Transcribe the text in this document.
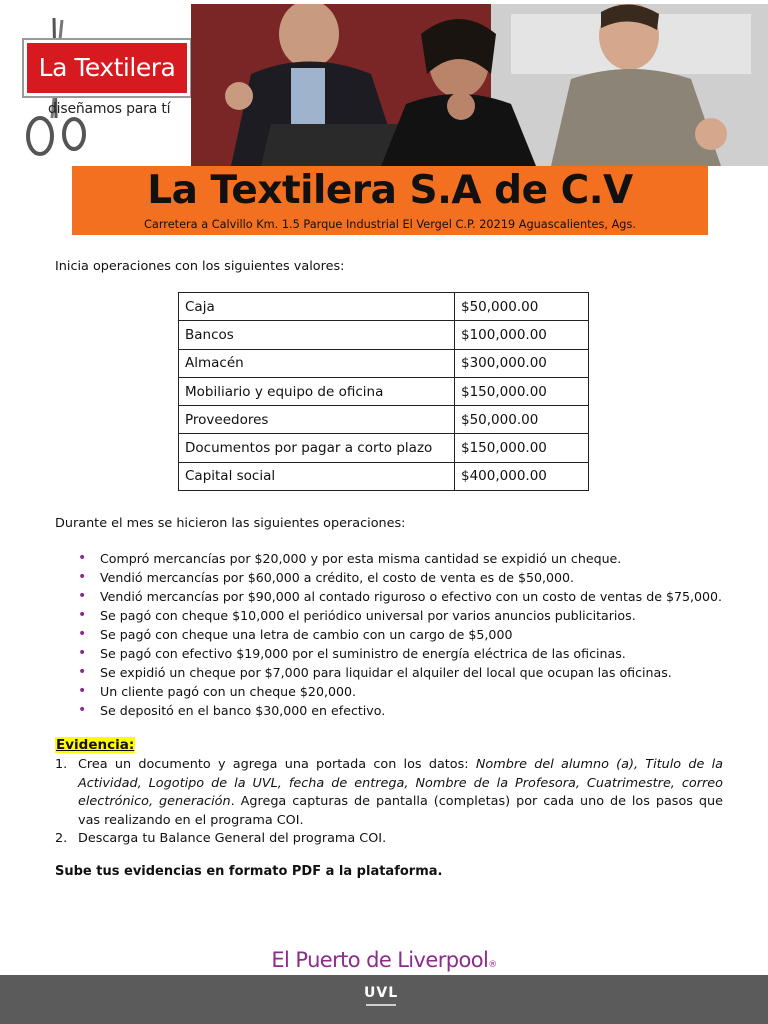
La Textilera
diseñamos para tí
La Textilera S.A de C.V
Carretera a Calvillo Km. 1.5 Parque Industrial El Vergel C.P. 20219 Aguascalientes, Ags.
Inicia operaciones con los siguientes valores:
Caja	$50,000.00
Bancos	$100,000.00
Almacén	$300,000.00
Mobiliario y equipo de oficina	$150,000.00
Proveedores	$50,000.00
Documentos por pagar a corto plazo	$150,000.00
Capital social	$400,000.00
Durante el mes se hicieron las siguientes operaciones:
• Compró mercancías por $20,000 y por esta misma cantidad se expidió un cheque.
• Vendió mercancías por $60,000 a crédito, el costo de venta es de $50,000.
• Vendió mercancías por $90,000 al contado riguroso o efectivo con un costo de ventas de $75,000.
• Se pagó con cheque $10,000 el periódico universal por varios anuncios publicitarios.
• Se pagó con cheque una letra de cambio con un cargo de $5,000
• Se pagó con efectivo $19,000 por el suministro de energía eléctrica de las oficinas.
• Se expidió un cheque por $7,000 para liquidar el alquiler del local que ocupan las oficinas.
• Un cliente pagó con un cheque $20,000.
• Se depositó en el banco $30,000 en efectivo.
Evidencia:
1. Crea un documento y agrega una portada con los datos: Nombre del alumno (a), Titulo de la Actividad, Logotipo de la UVL, fecha de entrega, Nombre de la Profesora, Cuatrimestre, correo electrónico, generación. Agrega capturas de pantalla (completas) por cada uno de los pasos que vas realizando en el programa COI.
2. Descarga tu Balance General del programa COI.
Sube tus evidencias en formato PDF a la plataforma.
El Puerto de Liverpool®
UVL
